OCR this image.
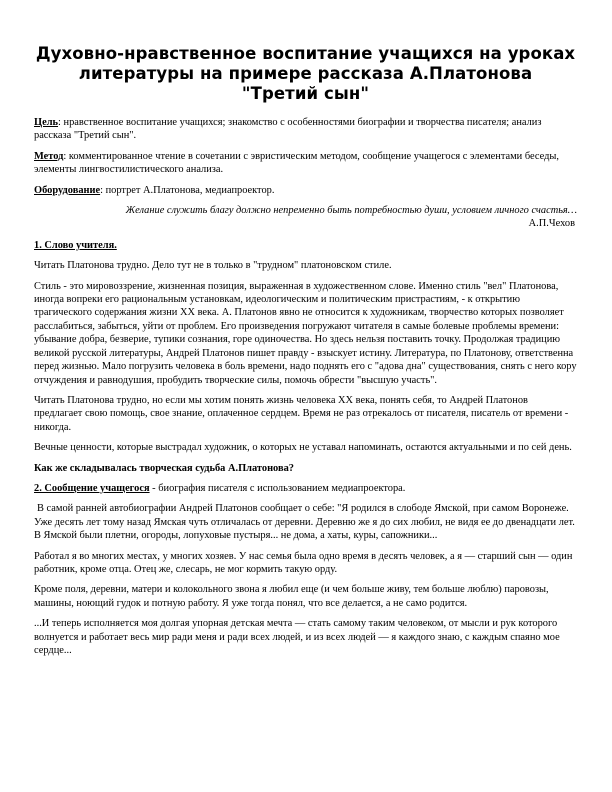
Духовно-нравственное воспитание учащихся на уроках
литературы на примере рассказа А.Платонова
"Третий сын"

Цель: нравственное воспитание учащихся; знакомство с особенностями биографии и творчества писателя; анализ рассказа "Третий сын".

Метод: комментированное чтение в сочетании с эвристическим методом, сообщение учащегося с элементами беседы, элементы лингвостилистического анализа.

Оборудование: портрет А.Платонова, медиапроектор.

Желание служить благу должно непременно быть потребностью души, условием личного счастья…
А.П.Чехов

1. Слово учителя.

Читать Платонова трудно. Дело тут не в только в "трудном" платоновском стиле.

Стиль - это мировоззрение, жизненная позиция, выраженная в художественном слове. Именно стиль "вел" Платонова, иногда вопреки его рациональным установкам, идеологическим и политическим пристрастиям, - к открытию трагического содержания жизни XX века. А. Платонов явно не относится к художникам, творчество которых позволяет расслабиться, забыться, уйти от проблем. Его произведения погружают читателя в самые болевые проблемы времени: убывание добра, безверие, тупики сознания, горе одиночества. Но здесь нельзя поставить точку. Продолжая традицию великой русской литературы, Андрей Платонов пишет правду - взыскует истину. Литература, по Платонову, ответственна перед жизнью. Мало погрузить человека в боль времени, надо поднять его с "адова дна" существования, снять с него кору отчуждения и равнодушия, пробудить творческие силы, помочь обрести "высшую участь".

Читать Платонова трудно, но если мы хотим понять жизнь человека XX века, понять себя, то Андрей Платонов предлагает свою помощь, свое знание, оплаченное сердцем. Время не раз отрекалось от писателя, писатель от времени - никогда.

Вечные ценности, которые выстрадал художник, о которых не уставал напоминать, остаются актуальными и по сей день.

Как же складывалась творческая судьба А.Платонова?

2. Сообщение учащегося - биография писателя с использованием медиапроектора.

В самой ранней автобиографии Андрей Платонов сообщает о себе: "Я родился в слободе Ямской, при самом Воронеже. Уже десять лет тому назад Ямская чуть отличалась от деревни. Деревню же я до сих любил, не видя ее до двенадцати лет. В Ямской были плетни, огороды, лопуховые пустыря... не дома, а хаты, куры, сапожники...

Работал я во многих местах, у многих хозяев. У нас семья была одно время в десять человек, а я — старший сын — один работник, кроме отца. Отец же, слесарь, не мог кормить такую орду.

Кроме поля, деревни, матери и колокольного звона я любил еще (и чем больше живу, тем больше люблю) паровозы, машины, ноющий гудок и потную работу. Я уже тогда понял, что все делается, а не само родится.

...И теперь исполняется моя долгая упорная детская мечта — стать самому таким человеком, от мысли и рук которого волнуется и работает весь мир ради меня и ради всех людей, и из всех людей — я каждого знаю, с каждым спаяно мое сердце...
